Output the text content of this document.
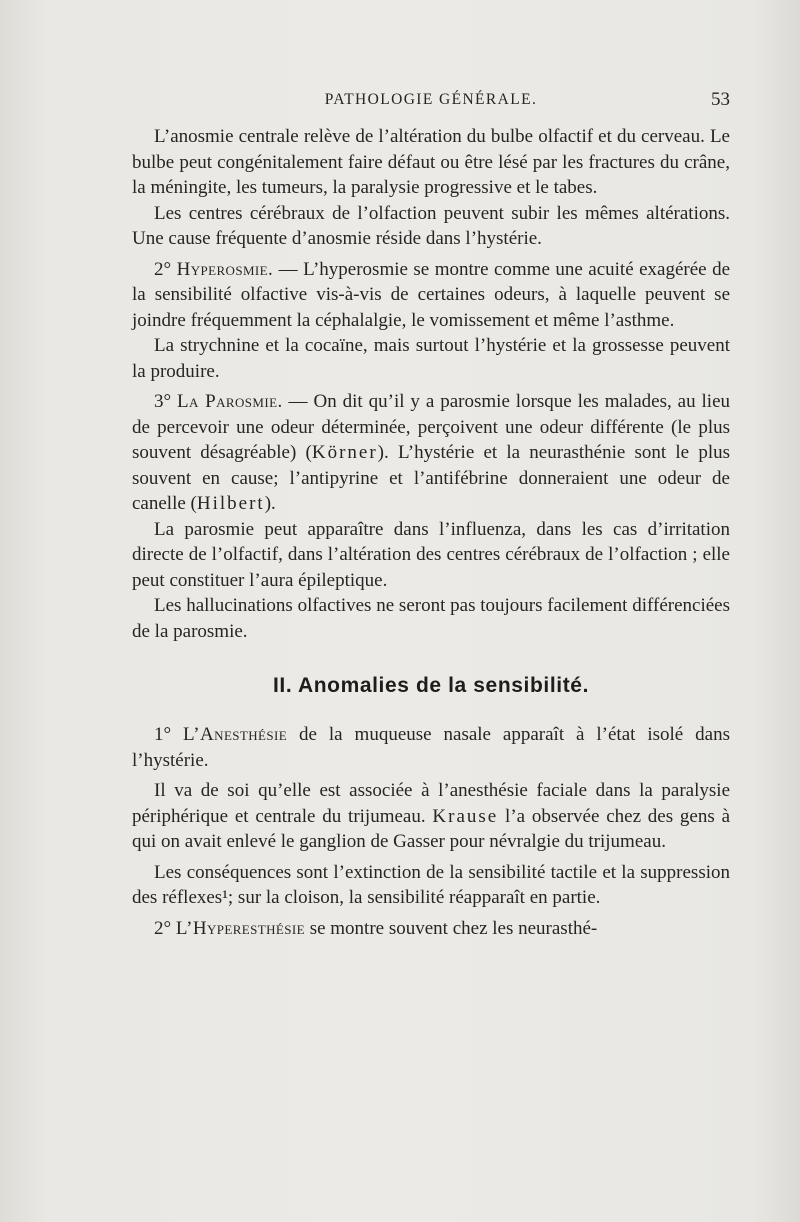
PATHOLOGIE GÉNÉRALE.	53

L’anosmie centrale relève de l’altération du bulbe olfactif et du cerveau. Le bulbe peut congénitalement faire défaut ou être lésé par les fractures du crâne, la méningite, les tumeurs, la paralysie progressive et le tabes.

Les centres cérébraux de l’olfaction peuvent subir les mêmes altérations. Une cause fréquente d’anosmie réside dans l’hystérie.

2° Hyperosmie. — L’hyperosmie se montre comme une acuité exagérée de la sensibilité olfactive vis-à-vis de certaines odeurs, à laquelle peuvent se joindre fréquemment la céphalalgie, le vomissement et même l’asthme.

La strychnine et la cocaïne, mais surtout l’hystérie et la grossesse peuvent la produire.

3° La Parosmie. — On dit qu’il y a parosmie lorsque les malades, au lieu de percevoir une odeur déterminée, perçoivent une odeur différente (le plus souvent désagréable) (Körner). L’hystérie et la neurasthénie sont le plus souvent en cause; l’antipyrine et l’antifébrine donneraient une odeur de canelle (Hilbert).

La parosmie peut apparaître dans l’influenza, dans les cas d’irritation directe de l’olfactif, dans l’altération des centres cérébraux de l’olfaction ; elle peut constituer l’aura épileptique.

Les hallucinations olfactives ne seront pas toujours facilement différenciées de la parosmie.

II. Anomalies de la sensibilité.

1° L’Anesthésie de la muqueuse nasale apparaît à l’état isolé dans l’hystérie.

Il va de soi qu’elle est associée à l’anesthésie faciale dans la paralysie périphérique et centrale du trijumeau. Krause l’a observée chez des gens à qui on avait enlevé le ganglion de Gasser pour névralgie du trijumeau.

Les conséquences sont l’extinction de la sensibilité tactile et la suppression des réflexes¹; sur la cloison, la sensibilité réapparaît en partie.

2° L’Hyperesthésie se montre souvent chez les neurasthé-
